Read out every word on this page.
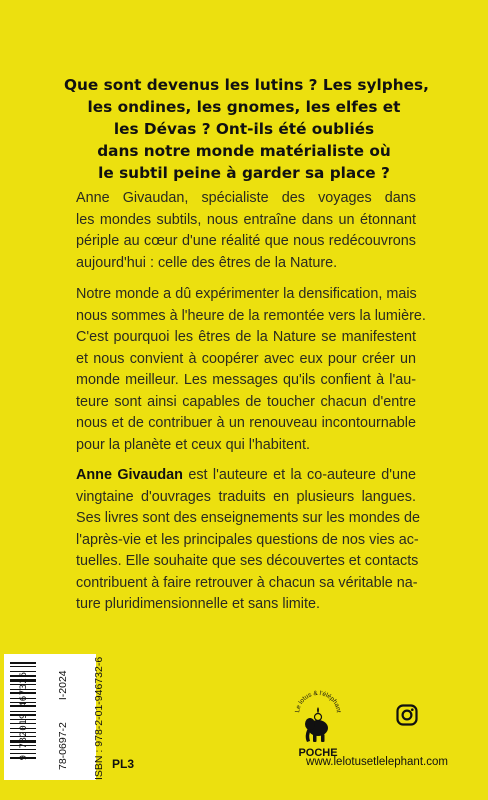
Que sont devenus les lutins ? Les sylphes,
les ondines, les gnomes, les elfes et
les Dévas ? Ont-ils été oubliés
dans notre monde matérialiste où
le subtil peine à garder sa place ?
Anne Givaudan, spécialiste des voyages dans
les mondes subtils, nous entraîne dans un étonnant
périple au cœur d'une réalité que nous redécouvrons
aujourd'hui : celle des êtres de la Nature.
Notre monde a dû expérimenter la densification, mais
nous sommes à l'heure de la remontée vers la lumière.
C'est pourquoi les êtres de la Nature se manifestent
et nous convient à coopérer avec eux pour créer un
monde meilleur. Les messages qu'ils confient à l'au-
teure sont ainsi capables de toucher chacun d'entre
nous et de contribuer à un renouveau incontournable
pour la planète et ceux qui l'habitent.
Anne Givaudan est l'auteure et la co-auteure d'une
vingtaine d'ouvrages traduits en plusieurs langues.
Ses livres sont des enseignements sur les mondes de
l'après-vie et les principales questions de nos vies ac-
tuelles. Elle souhaite que ses découvertes et contacts
contribuent à faire retrouver à chacun sa véritable na-
ture pluridimensionnelle et sans limite.
9 782019 467326	78-0697-2I-2024 ISBN : 978-2-01-946732-6 PL3
Le lotus & l'éléphant
POCHE
www.lelotusetlelephant.com
